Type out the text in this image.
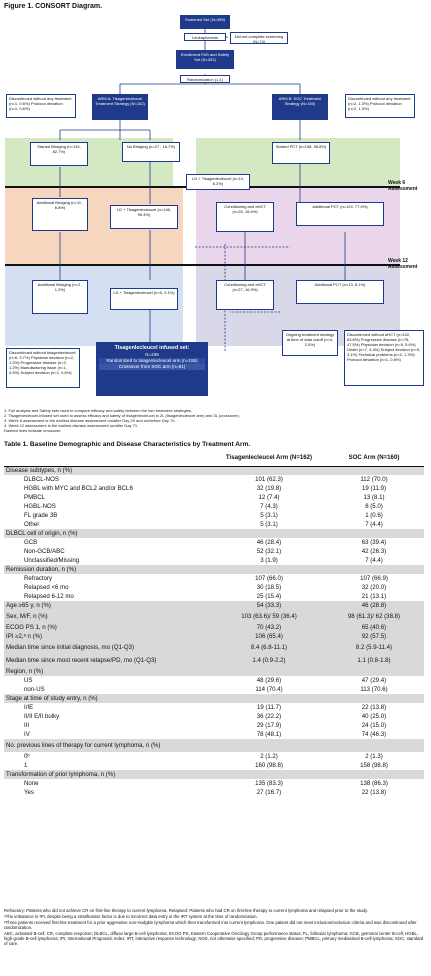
Figure 1. CONSORT Diagram.
Week 6 Assessment
Week 12 Assessment
Screened Set (N=399)
Leukapheresis	Did not complete screening (N=74)
Enrollment FAS and Safety Set (N=322)
Randomization (1:1)
ARM A: Tisagenlecleucel Treatment Strategy (N=162)
ARM B: SOC Treatment Strategy (N=160)
Discontinued without any treatment (n=1, 0.6%) Protocol deviation (n=1, 0.6%)
Discontinued without any treatment (n=2, 1.3%) Protocol deviation (n=2, 1.3%)
Started Bridging (n=134, 82.7%)
No Bridging (n=27 , 16.7%)	Started PCT (n=158, 98.8%)
LD + Tisagenlecleucel (n=10, 6.2%)
Additional Bridging (n=11 , 6.8%)	LD + Tisagenlecleucel (n=146, 90.4%)
Conditioning and aHCT (n=25, 15.6%)
Additional PCT (n=124, 77.5%)
Additional Bridging (n=2 , 1.2%)
LD + Tisagenlecleucel (n=5, 3.1%)
Conditioning and aHCT (n=27, 16.9%)
Additional PCT (n=13, 8.1%)
Ongoing treatment strategy at time of data cutoff (n=4, 2.5%)
Discontinued without tisagenlecleucel (n=6, 3.7%) Physician decision (n=2, 1.2%) Progressive disease (n=2, 1.2%) Manufacturing issue (n=1, 0.6%) Subject decision (n=1, 0.6%)
Tisagenlecleucel infused set:
N=236
Randomized to tisagenlecleucel arm (n=155)
Crossover from SOC arm (n=81)
Discontinued without aHCT (n=102, 63.8%) Progressive disease (n=76, 47.5%) Physician decision (n=9, 5.6%) Death (n=7, 4.4%) Subject decision (n=5, 3.1%) Technical problems (n=2, 1.3%) Protocol deviation (n=1, 0.6%)
1. Full analysis and Safety sets used to compare efficacy and safety between the two treatment strategies.
2. Tisagenlecleucel-infused set used to assess efficacy and safety of tisagenlecleucel in 2L (tisagenlecleucel arm) and 3L (crossover).
3. Week 6 assessment is the earliest disease assessment on/after Day 29 and on/before Day 70.
4. Week 12 assessment is the earliest disease assessment on/after Day 71.
Dashed lines indicate crossover.
Table 1. Baseline Demographic and Disease Characteristics by Treatment Arm.
	Tisagenlecleucel Arm (N=162)	SOC Arm (N=160)
Disease subtypes, n (%)		
DLBCL-NOS	101 (62.3)	112 (70.0)
HGBL with MYC and BCL2 and/or BCL6	32 (19.8)	19 (11.9)
PMBCL	12 (7.4)	13 (8.1)
HGBL-NOS	7 (4.3)	8 (5.0)
FL grade 3B	5 (3.1)	1 (0.6)
Other	5 (3.1)	7 (4.4)
DLBCL cell of origin, n (%)		
GCB	46 (28.4)	63 (39.4)
Non-GCB/ABC	52 (32.1)	42 (26.3)
Unclassified/Missing	3 (1.9)	7 (4.4)
Remission duration, n (%)		
Refractory	107 (66.0)	107 (66.9)
Relapsed <6 mo	30 (18.5)	32 (20.0)
Relapsed 6-12 mo	25 (15.4)	21 (13.1)
Age ≥65 y, n (%)	54 (33.3)	46 (28.8)
Sex, M/F, n (%)	103 (63.6)/ 59 (36.4)	98 (61.3)/ 62 (38.8)
ECOG PS 1, n (%)	70 (43.2)	65 (40.6)
IPI ≥2,ᵃ n (%)	106 (65.4)	92 (57.5)
Median time since initial diagnosis, mo (Q1-Q3)	8.4 (6.8-11.1)	8.2 (5.9-11.4)
Median time since most recent relapse/PD, mo (Q1-Q3)	1.4 (0.9-2.2)	1.1 (0.8-1.8)
Region, n (%)		
US	48 (29.6)	47 (29.4)
non-US	114 (70.4)	113 (70.6)
Stage at time of study entry, n (%)		
I/IE	19 (11.7)	22 (13.8)
II/II E/II bulky	36 (22.2)	40 (25.0)
III	29 (17.9)	24 (15.0)
IV	78 (48.1)	74 (46.3)
No. previous lines of therapy for current lymphoma, n (%)		
0ᵇ	2 (1.2)	2 (1.3)
1	160 (98.8)	158 (98.8)
Transformation of prior lymphoma, n (%)		
None	135 (83.3)	138 (86.3)
Yes	27 (16.7)	22 (13.8)

Refractory: Patients who did not achieve CR on first-line therapy to current lymphoma. Relapsed: Patients who had CR on first-line therapy to current lymphoma and relapsed prior to the study.

ᵃThe imbalance in IPI, despite being a stratification factor is due to incorrect data entry in the IRT system at the time of randomization.

ᵇThree patients received first-line treatment for a prior aggressive non-Hodgkin lymphoma which then transformed into current lymphoma. One patient did not meet inclusion/exclusion criteria and was discontinued after randomization.

ABC, activated B-cell; CR, complete response; DLBCL, diffuse large B-cell lymphoma; ECOG PS, Eastern Cooperative Oncology Group performance status; FL, follicular lymphoma; GCB, germinal center B-cell; HGBL, high-grade B-cell lymphoma; IPI, International Prognostic Index; IRT, interactive response technology; NOS, not otherwise specified; PD, progressive disease; PMBCL, primary mediastinal B-cell lymphoma; SOC, standard of care.
